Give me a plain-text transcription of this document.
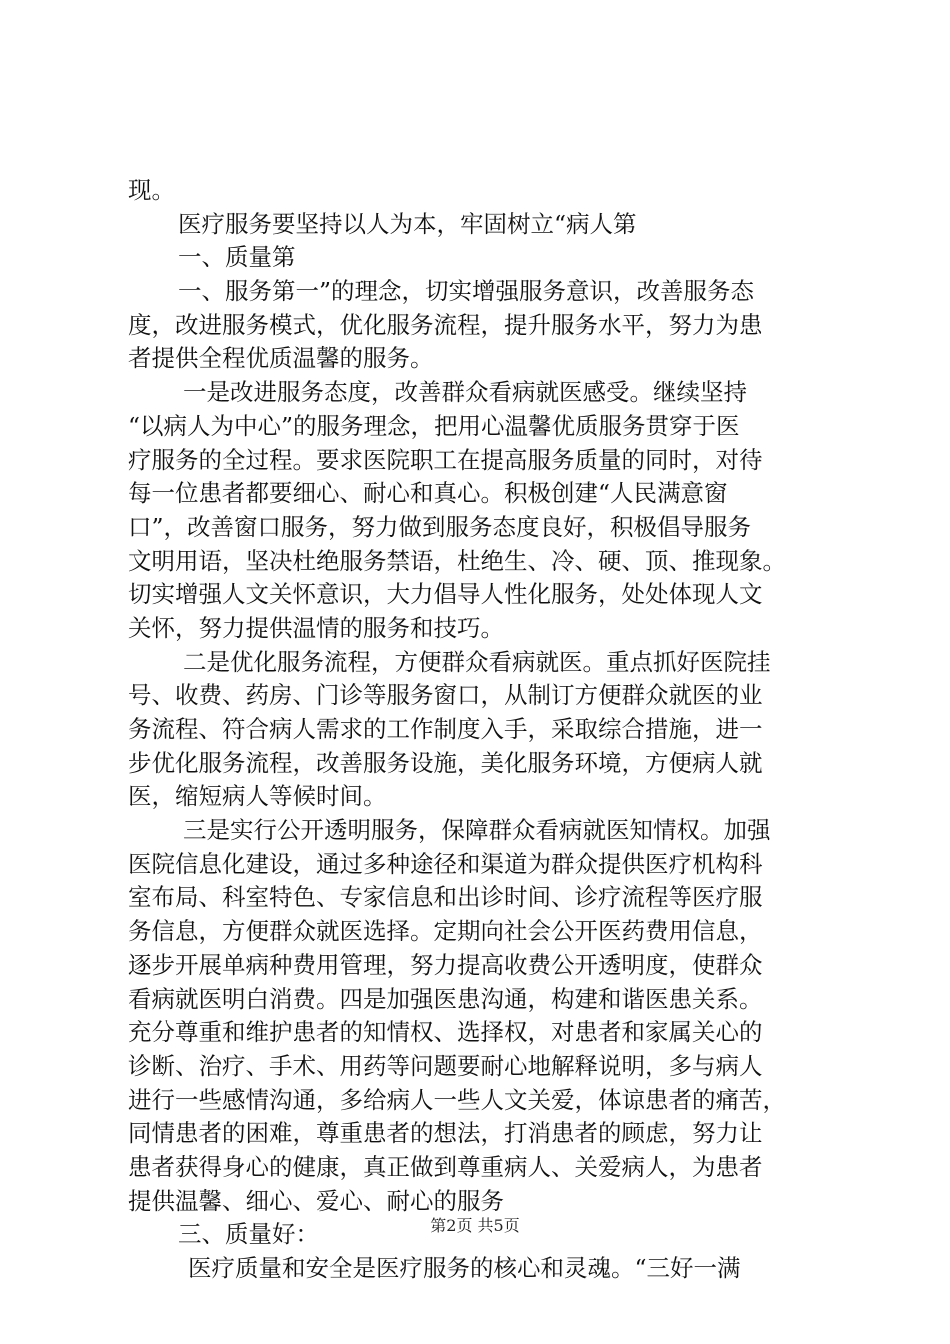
现。
医疗服务要坚持以人为本，牢固树立“病人第
一、质量第
一、服务第一”的理念，切实增强服务意识，改善服务态
度，改进服务模式，优化服务流程，提升服务水平，努力为患
者提供全程优质温馨的服务。
一是改进服务态度，改善群众看病就医感受。继续坚持
“以病人为中心”的服务理念，把用心温馨优质服务贯穿于医
疗服务的全过程。要求医院职工在提高服务质量的同时，对待
每一位患者都要细心、耐心和真心。积极创建“人民满意窗
口”，改善窗口服务，努力做到服务态度良好，积极倡导服务
文明用语，坚决杜绝服务禁语，杜绝生、冷、硬、顶、推现象。
切实增强人文关怀意识，大力倡导人性化服务，处处体现人文
关怀，努力提供温情的服务和技巧。
二是优化服务流程，方便群众看病就医。重点抓好医院挂
号、收费、药房、门诊等服务窗口，从制订方便群众就医的业
务流程、符合病人需求的工作制度入手，采取综合措施，进一
步优化服务流程，改善服务设施，美化服务环境，方便病人就
医，缩短病人等候时间。
三是实行公开透明服务，保障群众看病就医知情权。加强
医院信息化建设，通过多种途径和渠道为群众提供医疗机构科
室布局、科室特色、专家信息和出诊时间、诊疗流程等医疗服
务信息，方便群众就医选择。定期向社会公开医药费用信息，
逐步开展单病种费用管理，努力提高收费公开透明度，使群众
看病就医明白消费。四是加强医患沟通，构建和谐医患关系。
充分尊重和维护患者的知情权、选择权，对患者和家属关心的
诊断、治疗、手术、用药等问题要耐心地解释说明，多与病人
进行一些感情沟通，多给病人一些人文关爱，体谅患者的痛苦，
同情患者的困难，尊重患者的想法，打消患者的顾虑，努力让
患者获得身心的健康，真正做到尊重病人、关爱病人，为患者
提供温馨、细心、爱心、耐心的服务
三、质量好：
医疗质量和安全是医疗服务的核心和灵魂。“三好一满
第2页 共5页
